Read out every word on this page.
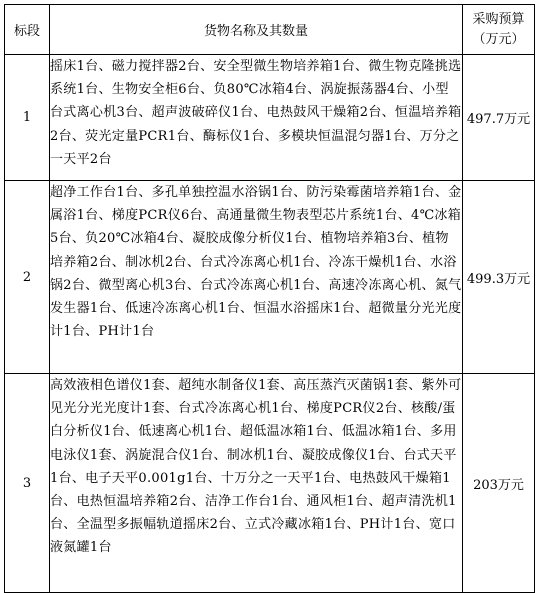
标段	货物名称及其数量	采购预算（万元）
1	摇床1台、磁力搅拌器2台、安全型微生物培养箱1台、微生物克隆挑选系统1台、生物安全柜6台、负80℃冰箱4台、涡旋振荡器4台、小型台式离心机3台、超声波破碎仪1台、电热鼓风干燥箱2台、恒温培养箱2台、荧光定量PCR1台、酶标仪1台、多模块恒温混匀器1台、万分之一天平2台	497.7万元
2	超净工作台1台、多孔单独控温水浴锅1台、防污染霉菌培养箱1台、金属浴1台、梯度PCR仪6台、高通量微生物表型芯片系统1台、4℃冰箱5台、负20℃冰箱4台、凝胶成像分析仪1台、植物培养箱3台、植物培养箱2台、制冰机2台、台式冷冻离心机1台、冷冻干燥机1台、水浴锅2台、微型离心机3台、台式冷冻离心机1台、高速冷冻离心机、氮气发生器1台、低速冷冻离心机1台、恒温水浴摇床1台、超微量分光光度计1台、PH计1台	499.3万元
3	高效液相色谱仪1套、超纯水制备仪1套、高压蒸汽灭菌锅1套、紫外可见光分光光度计1套、台式冷冻离心机1台、梯度PCR仪2台、核酸/蛋白分析仪1台、低速离心机1台、超低温冰箱1台、低温冰箱1台、多用电泳仪1套、涡旋混合仪1台、制冰机1台、凝胶成像仪1台、台式天平1台、电子天平0.001g1台、十万分之一天平1台、电热鼓风干燥箱1台、电热恒温培养箱2台、洁净工作台1台、通风柜1台、超声清洗机1台、全温型多振幅轨道摇床2台、立式冷藏冰箱1台、PH计1台、宽口液氮罐1台	203万元
